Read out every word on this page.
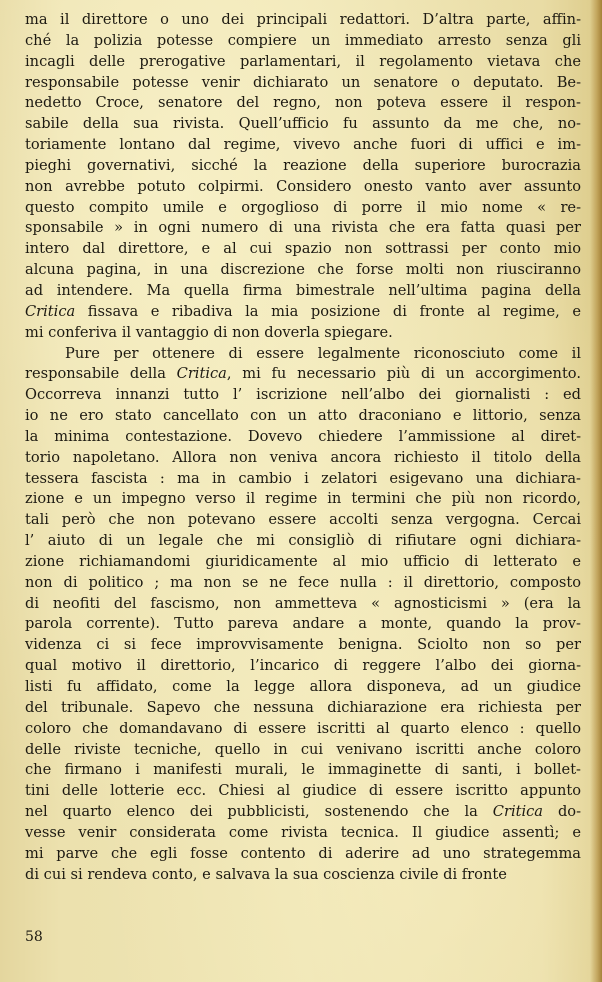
ma il direttore o uno dei principali redattori. D’altra parte, affin-
ché la polizia potesse compiere un immediato arresto senza gli
incagli delle prerogative parlamentari, il regolamento vietava che
responsabile potesse venir dichiarato un senatore o deputato. Be-
nedetto Croce, senatore del regno, non poteva essere il respon-
sabile della sua rivista. Quell’ufficio fu assunto da me che, no-
toriamente lontano dal regime, vivevo anche fuori di uffici e im-
pieghi governativi, sicché la reazione della superiore burocrazia
non avrebbe potuto colpirmi. Considero onesto vanto aver assunto
questo compito umile e orgoglioso di porre il mio nome « re-
sponsabile » in ogni numero di una rivista che era fatta quasi per
intero dal direttore, e al cui spazio non sottrassi per conto mio
alcuna pagina, in una discrezione che forse molti non riusciranno
ad intendere. Ma quella firma bimestrale nell’ultima pagina della
Critica fissava e ribadiva la mia posizione di fronte al regime, e
mi conferiva il vantaggio di non doverla spiegare.
Pure per ottenere di essere legalmente riconosciuto come il
responsabile della Critica, mi fu necessario più di un accorgimento.
Occorreva innanzi tutto l’ iscrizione nell’albo dei giornalisti : ed
io ne ero stato cancellato con un atto draconiano e littorio, senza
la minima contestazione. Dovevo chiedere l’ammissione al diret-
torio napoletano. Allora non veniva ancora richiesto il titolo della
tessera fascista : ma in cambio i zelatori esigevano una dichiara-
zione e un impegno verso il regime in termini che più non ricordo,
tali però che non potevano essere accolti senza vergogna. Cercai
l’ aiuto di un legale che mi consigliò di rifiutare ogni dichiara-
zione richiamandomi giuridicamente al mio ufficio di letterato e
non di politico ; ma non se ne fece nulla : il direttorio, composto
di neofiti del fascismo, non ammetteva « agnosticismi » (era la
parola corrente). Tutto pareva andare a monte, quando la prov-
videnza ci si fece improvvisamente benigna. Sciolto non so per
qual motivo il direttorio, l’incarico di reggere l’albo dei giorna-
listi fu affidato, come la legge allora disponeva, ad un giudice
del tribunale. Sapevo che nessuna dichiarazione era richiesta per
coloro che domandavano di essere iscritti al quarto elenco : quello
delle riviste tecniche, quello in cui venivano iscritti anche coloro
che firmano i manifesti murali, le immaginette di santi, i bollet-
tini delle lotterie ecc. Chiesi al giudice di essere iscritto appunto
nel quarto elenco dei pubblicisti, sostenendo che la Critica do-
vesse venir considerata come rivista tecnica. Il giudice assentì; e
mi parve che egli fosse contento di aderire ad uno strategemma
di cui si rendeva conto, e salvava la sua coscienza civile di fronte
58
